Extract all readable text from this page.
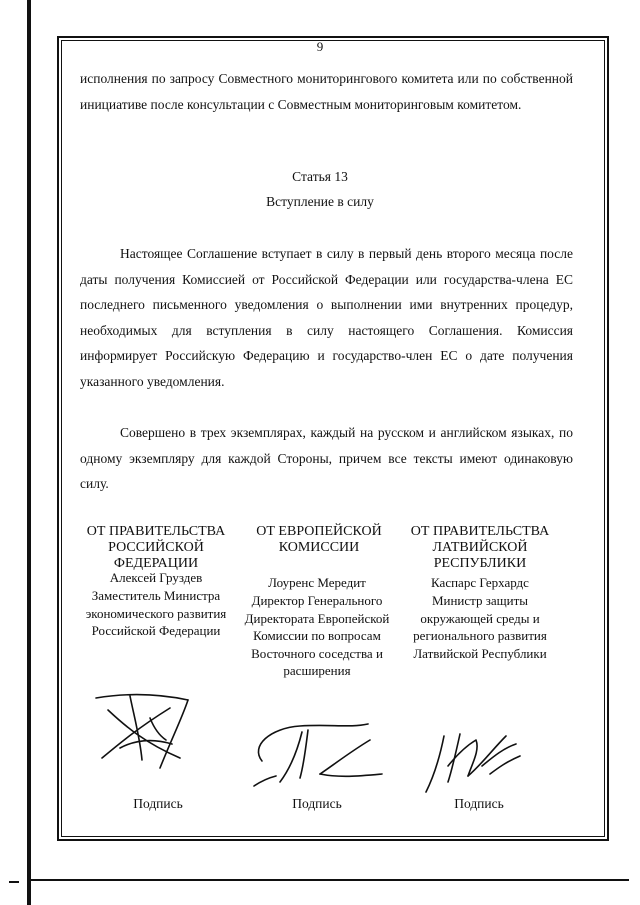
9

исполнения по запросу Совместного мониторингового комитета или по собственной инициативе после консультации с Совместным мониторинговым комитетом.

Статья 13
Вступление в силу

Настоящее Соглашение вступает в силу в первый день второго месяца после даты получения Комиссией от Российской Федерации или государства-члена ЕС последнего письменного уведомления о выполнении ими внутренних процедур, необходимых для вступления в силу настоящего Соглашения. Комиссия информирует Российскую Федерацию и государство-член ЕС о дате получения указанного уведомления.

Совершено в трех экземплярах, каждый на русском и английском языках, по одному экземпляру для каждой Стороны, причем все тексты имеют одинаковую силу.

ОТ ПРАВИТЕЛЬСТВА РОССИЙСКОЙ ФЕДЕРАЦИИ
Алексей Груздев
Заместитель Министра экономического развития Российской Федерации
ОТ ЕВРОПЕЙСКОЙ КОМИССИИ
Лоуренс Мередит
Директор Генерального Директората Европейской Комиссии по вопросам Восточного соседства и расширения
ОТ ПРАВИТЕЛЬСТВА ЛАТВИЙСКОЙ РЕСПУБЛИКИ
Каспарс Герхардс
Министр защиты окружающей среды и регионального развития Латвийской Республики
Подпись	Подпись	Подпись
